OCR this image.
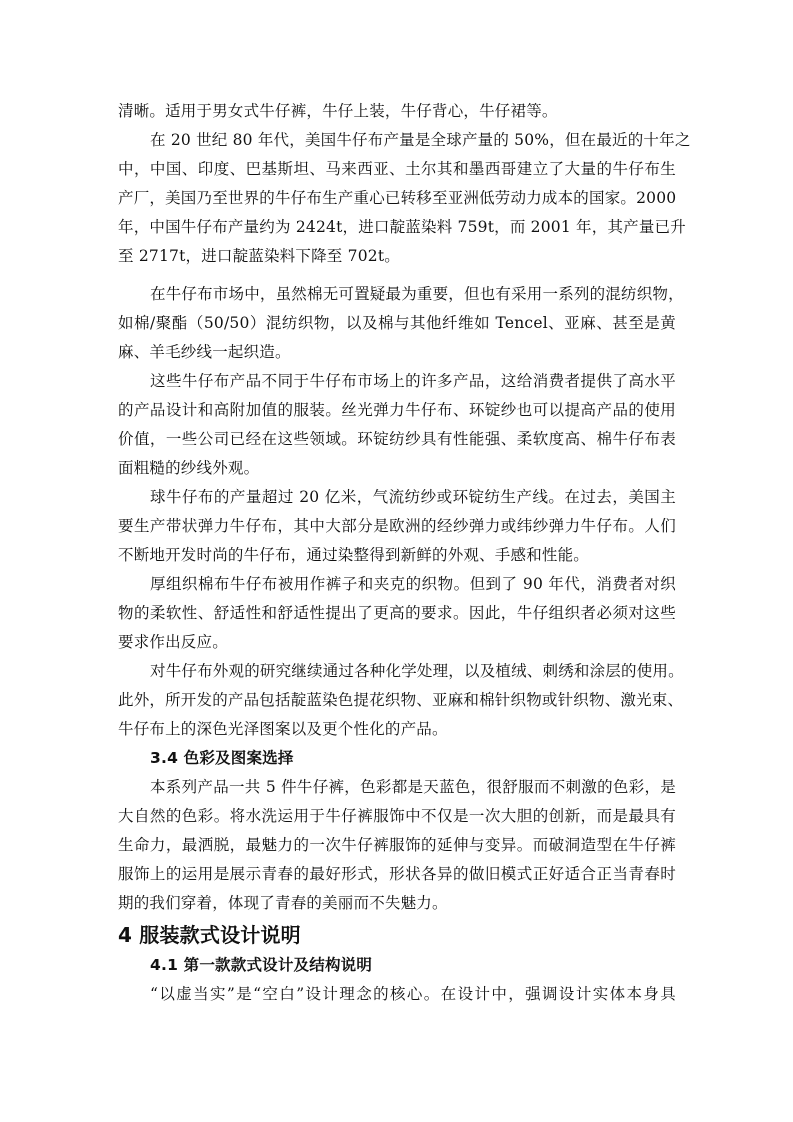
清晰。适用于男女式牛仔裤，牛仔上装，牛仔背心，牛仔裙等。
在 20 世纪 80 年代，美国牛仔布产量是全球产量的 50%，但在最近的十年之
中，中国、印度、巴基斯坦、马来西亚、土尔其和墨西哥建立了大量的牛仔布生
产厂，美国乃至世界的牛仔布生产重心已转移至亚洲低劳动力成本的国家。2000
年，中国牛仔布产量约为 2424t，进口靛蓝染料 759t，而 2001 年，其产量已升
至 2717t，进口靛蓝染料下降至 702t。
在牛仔布市场中，虽然棉无可置疑最为重要，但也有采用一系列的混纺织物，
如棉/聚酯（50/50）混纺织物，以及棉与其他纤维如 Tencel、亚麻、甚至是黄
麻、羊毛纱线一起织造。
这些牛仔布产品不同于牛仔布市场上的许多产品，这给消费者提供了高水平
的产品设计和高附加值的服装。丝光弹力牛仔布、环锭纱也可以提高产品的使用
价值，一些公司已经在这些领域。环锭纺纱具有性能强、柔软度高、棉牛仔布表
面粗糙的纱线外观。
球牛仔布的产量超过 20 亿米，气流纺纱或环锭纺生产线。在过去，美国主
要生产带状弹力牛仔布，其中大部分是欧洲的经纱弹力或纬纱弹力牛仔布。人们
不断地开发时尚的牛仔布，通过染整得到新鲜的外观、手感和性能。
厚组织棉布牛仔布被用作裤子和夹克的织物。但到了 90 年代，消费者对织
物的柔软性、舒适性和舒适性提出了更高的要求。因此，牛仔组织者必须对这些
要求作出反应。
对牛仔布外观的研究继续通过各种化学处理，以及植绒、刺绣和涂层的使用。
此外，所开发的产品包括靛蓝染色提花织物、亚麻和棉针织物或针织物、激光束、
牛仔布上的深色光泽图案以及更个性化的产品。
3.4 色彩及图案选择
本系列产品一共 5 件牛仔裤，色彩都是天蓝色，很舒服而不刺激的色彩，是
大自然的色彩。将水洗运用于牛仔裤服饰中不仅是一次大胆的创新，而是最具有
生命力，最洒脱，最魅力的一次牛仔裤服饰的延伸与变异。而破洞造型在牛仔裤
服饰上的运用是展示青春的最好形式，形状各异的做旧模式正好适合正当青春时
期的我们穿着，体现了青春的美丽而不失魅力。
4 服装款式设计说明
4.1 第一款款式设计及结构说明
“以虚当实”是“空白”设计理念的核心。在设计中，强调设计实体本身具
